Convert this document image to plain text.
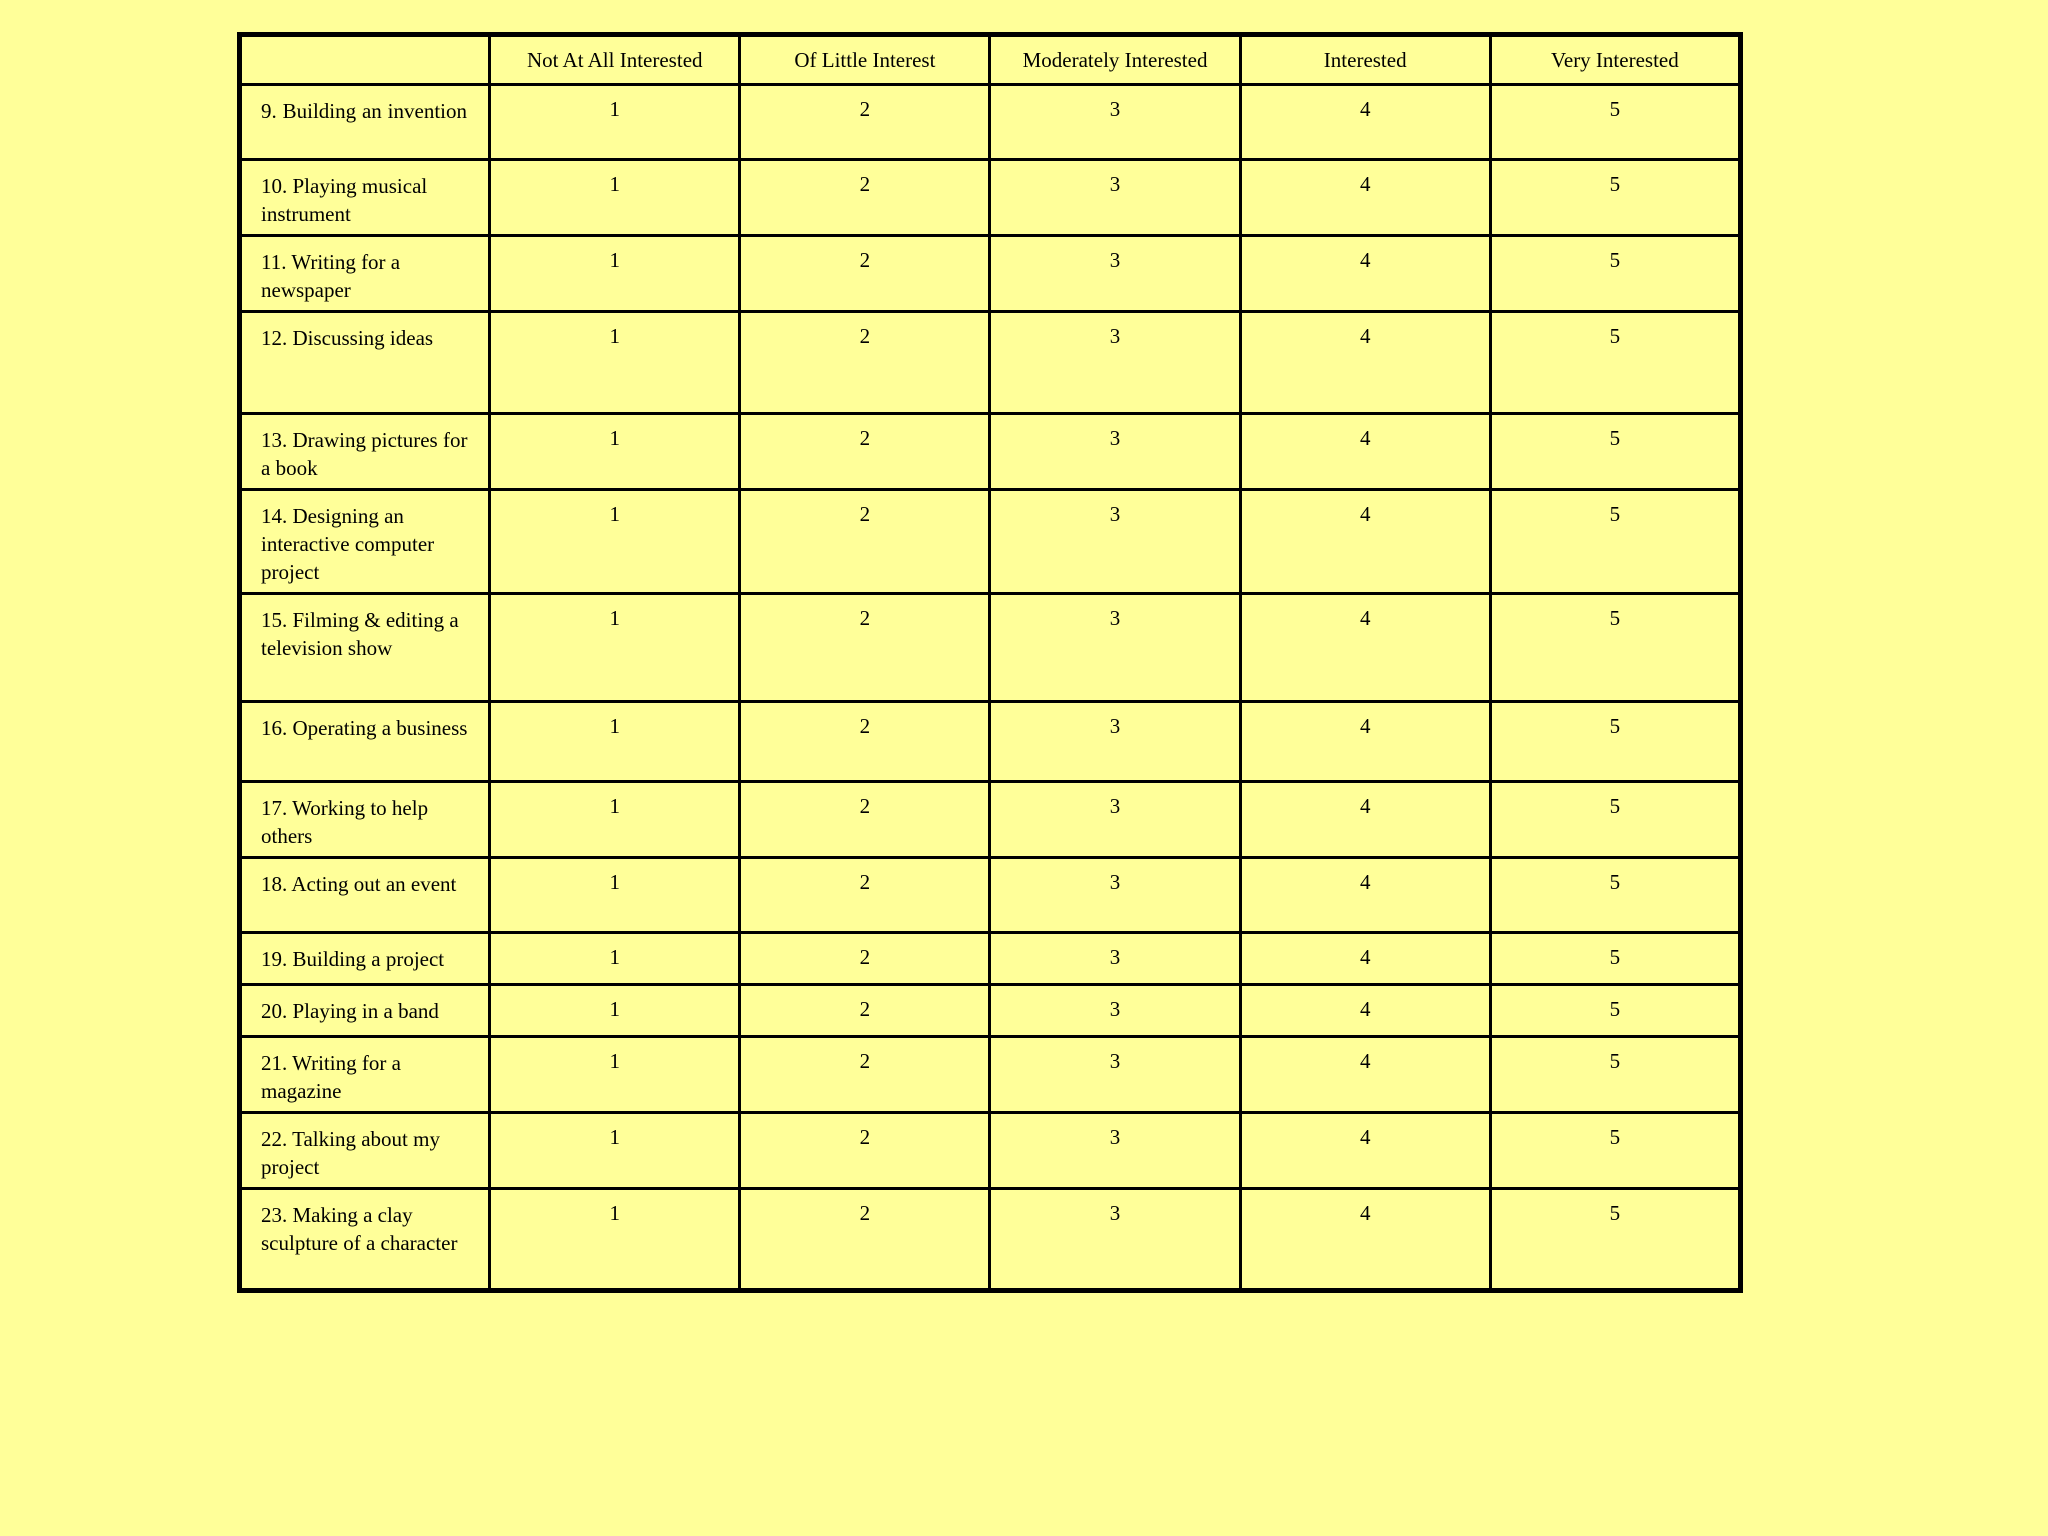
	Not At All Interested	Of Little Interest	Moderately Interested	Interested	Very Interested

9. Building an invention	1	2	3	4	5

10. Playing musical instrument	1	2	3	4	5

11. Writing for a newspaper	1	2	3	4	5

12. Discussing ideas	1	2	3	4	5

13. Drawing pictures for a book	1	2	3	4	5

14. Designing an interactive computer project	1	2	3	4	5

15. Filming & editing a television show	1	2	3	4	5

16. Operating a business	1	2	3	4	5

17. Working to help others	1	2	3	4	5

18. Acting out an event	1	2	3	4	5

19. Building a project	1	2	3	4	5

20. Playing in a band	1	2	3	4	5

21. Writing for a magazine	1	2	3	4	5

22. Talking about my project	1	2	3	4	5

23. Making a clay sculpture of a character	1	2	3	4	5
